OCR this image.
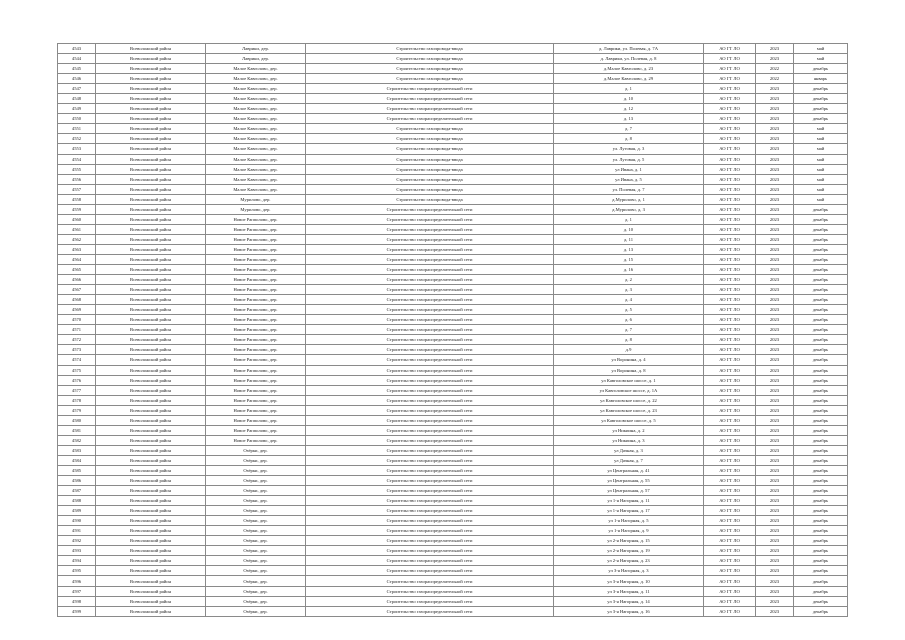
4543	Всеволожский район	Лаврики, дер.	Строительство газопровода-ввода	д. Лаврики, ул. Полевая, д. 7А	АО ГТ ЛО	2023	май
4544	Всеволожский район	Лаврики, дер.	Строительство газопровода-ввода	д. Лаврики, ул. Полевая, д. 8	АО ГТ ЛО	2023	май
4545	Всеволожский район	Малое Кавголово, дер.	Строительство газопровода-ввода	д.Малое Кавголово, д. 23	АО ГТ ЛО	2022	декабрь
4546	Всеволожский район	Малое Кавголово, дер.	Строительство газопровода-ввода	д.Малое Кавголово, д. 29	АО ГТ ЛО	2022	январь
4547	Всеволожский район	Малое Кавголово, дер.	Строительство газораспределительной сети	д. 1	АО ГТ ЛО	2023	декабрь
4548	Всеволожский район	Малое Кавголово, дер.	Строительство газораспределительной сети	д. 10	АО ГТ ЛО	2023	декабрь
4549	Всеволожский район	Малое Кавголово, дер.	Строительство газораспределительной сети	д. 12	АО ГТ ЛО	2023	декабрь
4550	Всеволожский район	Малое Кавголово, дер.	Строительство газораспределительной сети	д. 13	АО ГТ ЛО	2023	декабрь
4551	Всеволожский район	Малое Кавголово, дер.	Строительство газопровода-ввода	д. 7	АО ГТ ЛО	2023	май
4552	Всеволожский район	Малое Кавголово, дер.	Строительство газопровода-ввода	д. 8	АО ГТ ЛО	2023	май
4553	Всеволожский район	Малое Кавголово, дер.	Строительство газопровода-ввода	ул. Луговая, д. 3	АО ГТ ЛО	2023	май
4554	Всеволожский район	Малое Кавголово, дер.	Строительство газопровода-ввода	ул. Луговая, д. 5	АО ГТ ЛО	2023	май
4555	Всеволожский район	Малое Кавголово, дер.	Строительство газопровода-ввода	ул Ивана, д. 1	АО ГТ ЛО	2023	май
4556	Всеволожский район	Малое Кавголово, дер.	Строительство газопровода-ввода	ул Ивана, д. 5	АО ГТ ЛО	2023	май
4557	Всеволожский район	Малое Кавголово, дер.	Строительство газопровода-ввода	ул. Полевая, д. 7	АО ГТ ЛО	2023	май
4558	Всеволожский район	Мурилово, дер.	Строительство газопровода-ввода	д.Мурилово, д. 1	АО ГТ ЛО	2023	май
4559	Всеволожский район	Мурилово, дер.	Строительство газораспределительной сети	д.Мурилово, д. 3	АО ГТ ЛО	2023	декабрь
4560	Всеволожский район	Новое Рапполово, дер.	Строительство газораспределительной сети	д. 1	АО ГТ ЛО	2023	декабрь
4561	Всеволожский район	Новое Рапполово, дер.	Строительство газораспределительной сети	д. 10	АО ГТ ЛО	2023	декабрь
4562	Всеволожский район	Новое Рапполово, дер.	Строительство газораспределительной сети	д. 11	АО ГТ ЛО	2023	декабрь
4563	Всеволожский район	Новое Рапполово, дер.	Строительство газораспределительной сети	д. 13	АО ГТ ЛО	2023	декабрь
4564	Всеволожский район	Новое Рапполово, дер.	Строительство газораспределительной сети	д. 15	АО ГТ ЛО	2023	декабрь
4565	Всеволожский район	Новое Рапполово, дер.	Строительство газораспределительной сети	д. 16	АО ГТ ЛО	2023	декабрь
4566	Всеволожский район	Новое Рапполово, дер.	Строительство газораспределительной сети	д. 2	АО ГТ ЛО	2023	декабрь
4567	Всеволожский район	Новое Рапполово, дер.	Строительство газораспределительной сети	д. 3	АО ГТ ЛО	2023	декабрь
4568	Всеволожский район	Новое Рапполово, дер.	Строительство газораспределительной сети	д. 4	АО ГТ ЛО	2023	декабрь
4569	Всеволожский район	Новое Рапполово, дер.	Строительство газораспределительной сети	д. 5	АО ГТ ЛО	2023	декабрь
4570	Всеволожский район	Новое Рапполово, дер.	Строительство газораспределительной сети	д. 6	АО ГТ ЛО	2023	декабрь
4571	Всеволожский район	Новое Рапполово, дер.	Строительство газораспределительной сети	д. 7	АО ГТ ЛО	2023	декабрь
4572	Всеволожский район	Новое Рапполово, дер.	Строительство газораспределительной сети	д. 8	АО ГТ ЛО	2023	декабрь
4573	Всеволожский район	Новое Рапполово, дер.	Строительство газораспределительной сети	д.9	АО ГТ ЛО	2023	декабрь
4574	Всеволожский район	Новое Рапполово, дер.	Строительство газораспределительной сети	ул Воронина, д. 4	АО ГТ ЛО	2023	декабрь
4575	Всеволожский район	Новое Рапполово, дер.	Строительство газораспределительной сети	ул Воронина, д. 8	АО ГТ ЛО	2023	декабрь
4576	Всеволожский район	Новое Рапполово, дер.	Строительство газораспределительной сети	ул Кавголовское шоссе, д. 1	АО ГТ ЛО	2023	декабрь
4577	Всеволожский район	Новое Рапполово, дер.	Строительство газораспределительной сети	ул Кавголовское шоссе, д. 1А	АО ГТ ЛО	2023	декабрь
4578	Всеволожский район	Новое Рапполово, дер.	Строительство газораспределительной сети	ул Кавголовское шоссе, д. 22	АО ГТ ЛО	2023	декабрь
4579	Всеволожский район	Новое Рапполово, дер.	Строительство газораспределительной сети	ул Кавголовское шоссе, д. 23	АО ГТ ЛО	2023	декабрь
4580	Всеволожский район	Новое Рапполово, дер.	Строительство газораспределительной сети	ул Кавголовское шоссе, д. 5	АО ГТ ЛО	2023	декабрь
4581	Всеволожский район	Новое Рапполово, дер.	Строительство газораспределительной сети	ул Никиина, д. 2	АО ГТ ЛО	2023	декабрь
4582	Всеволожский район	Новое Рапполово, дер.	Строительство газораспределительной сети	ул Никиина, д. 3	АО ГТ ЛО	2023	декабрь
4583	Всеволожский район	Озёрки, дер.	Строительство газораспределительной сети	ул Дачная, д. 3	АО ГТ ЛО	2023	декабрь
4584	Всеволожский район	Озёрки, дер.	Строительство газораспределительной сети	ул Дачная, д. 7	АО ГТ ЛО	2023	декабрь
4585	Всеволожский район	Озёрки, дер.	Строительство газораспределительной сети	ул Центральная, д. 41	АО ГТ ЛО	2023	декабрь
4586	Всеволожский район	Озёрки, дер.	Строительство газораспределительной сети	ул Центральная, д. 55	АО ГТ ЛО	2023	декабрь
4587	Всеволожский район	Озёрки, дер.	Строительство газораспределительной сети	ул Центральная, д. 57	АО ГТ ЛО	2023	декабрь
4588	Всеволожский район	Озёрки, дер.	Строительство газораспределительной сети	ул 1-я Нагорная, д. 11	АО ГТ ЛО	2023	декабрь
4589	Всеволожский район	Озёрки, дер.	Строительство газораспределительной сети	ул 1-я Нагорная, д. 17	АО ГТ ЛО	2023	декабрь
4590	Всеволожский район	Озёрки, дер.	Строительство газораспределительной сети	ул 1-я Нагорная, д. 5	АО ГТ ЛО	2023	декабрь
4591	Всеволожский район	Озёрки, дер.	Строительство газораспределительной сети	ул 1-я Нагорная, д. 9	АО ГТ ЛО	2023	декабрь
4592	Всеволожский район	Озёрки, дер.	Строительство газораспределительной сети	ул 2-я Нагорная, д. 15	АО ГТ ЛО	2023	декабрь
4593	Всеволожский район	Озёрки, дер.	Строительство газораспределительной сети	ул 2-я Нагорная, д. 19	АО ГТ ЛО	2023	декабрь
4594	Всеволожский район	Озёрки, дер.	Строительство газораспределительной сети	ул 2-я Нагорная, д. 23	АО ГТ ЛО	2023	декабрь
4595	Всеволожский район	Озёрки, дер.	Строительство газораспределительной сети	ул 3-я Нагорная, д. 3	АО ГТ ЛО	2023	декабрь
4596	Всеволожский район	Озёрки, дер.	Строительство газораспределительной сети	ул 3-я Нагорная, д. 10	АО ГТ ЛО	2023	декабрь
4597	Всеволожский район	Озёрки, дер.	Строительство газораспределительной сети	ул 3-я Нагорная, д. 11	АО ГТ ЛО	2023	декабрь
4598	Всеволожский район	Озёрки, дер.	Строительство газораспределительной сети	ул 3-я Нагорная, д. 14	АО ГТ ЛО	2023	декабрь
4599	Всеволожский район	Озёрки, дер.	Строительство газораспределительной сети	ул 3-я Нагорная, д. 16	АО ГТ ЛО	2023	декабрь
